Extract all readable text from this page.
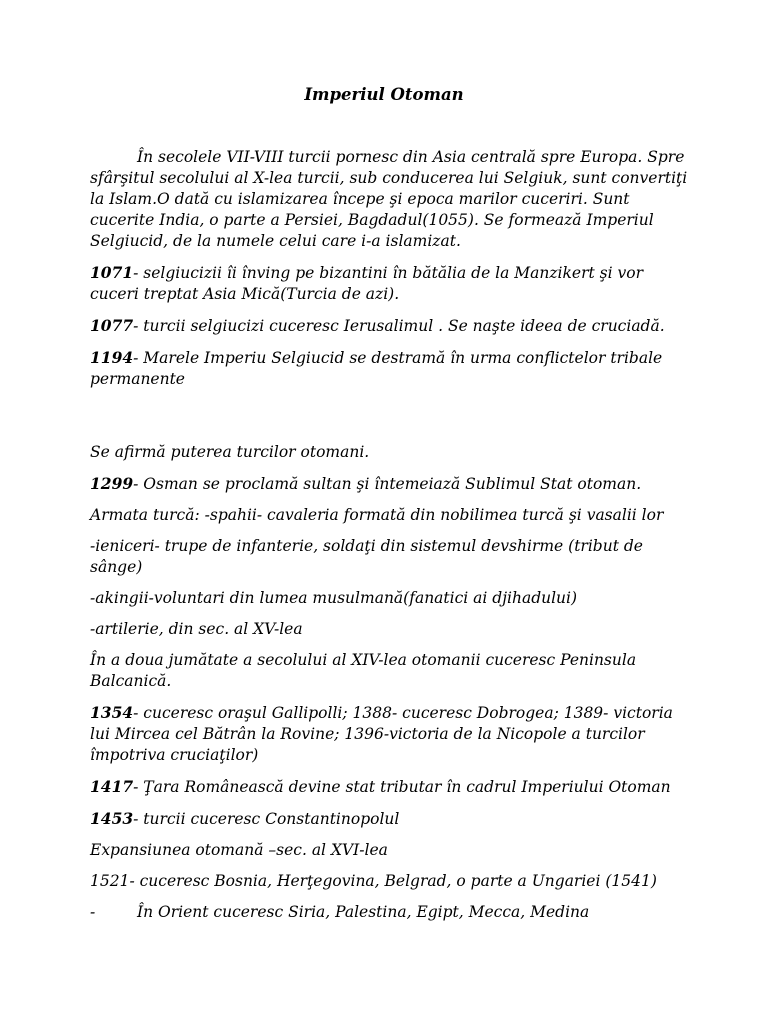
Imperiul Otoman

În secolele VII-VIII turcii pornesc din Asia centrală spre Europa. Spre sfârşitul secolului al X-lea turcii, sub conducerea lui Selgiuk, sunt convertiţi la Islam.O dată cu islamizarea începe şi epoca marilor cuceriri. Sunt cucerite India, o parte a Persiei, Bagdadul(1055). Se formează Imperiul Selgiucid, de la numele celui care i-a islamizat.

1071- selgiucizii îi înving pe bizantini în bătălia de la Manzikert şi vor cuceri treptat Asia Mică(Turcia de azi).

1077- turcii selgiucizi cuceresc Ierusalimul . Se naşte ideea de cruciadă.

1194- Marele Imperiu Selgiucid se destramă în urma conflictelor tribale permanente

Se afirmă puterea turcilor otomani.

1299- Osman se proclamă sultan şi întemeiază Sublimul Stat otoman.

Armata turcă: -spahii- cavaleria formată din nobilimea turcă şi vasalii lor

-ieniceri- trupe de infanterie, soldaţi din sistemul devshirme (tribut de sânge)

-akingii-voluntari din lumea musulmană(fanatici ai djihadului)

-artilerie, din sec. al XV-lea

În a doua jumătate a secolului al XIV-lea otomanii cuceresc Peninsula Balcanică.

1354- cuceresc oraşul Gallipolli; 1388- cuceresc Dobrogea; 1389- victoria lui Mircea cel Bătrân la Rovine; 1396-victoria de la Nicopole a turcilor împotriva cruciaţilor)

1417- Ţara Românească devine stat tributar în cadrul Imperiului Otoman

1453- turcii cuceresc Constantinopolul

Expansiunea otomană –sec. al XVI-lea

1521- cuceresc Bosnia, Herţegovina, Belgrad, o parte a Ungariei (1541)

-	În Orient cuceresc Siria, Palestina, Egipt, Mecca, Medina
